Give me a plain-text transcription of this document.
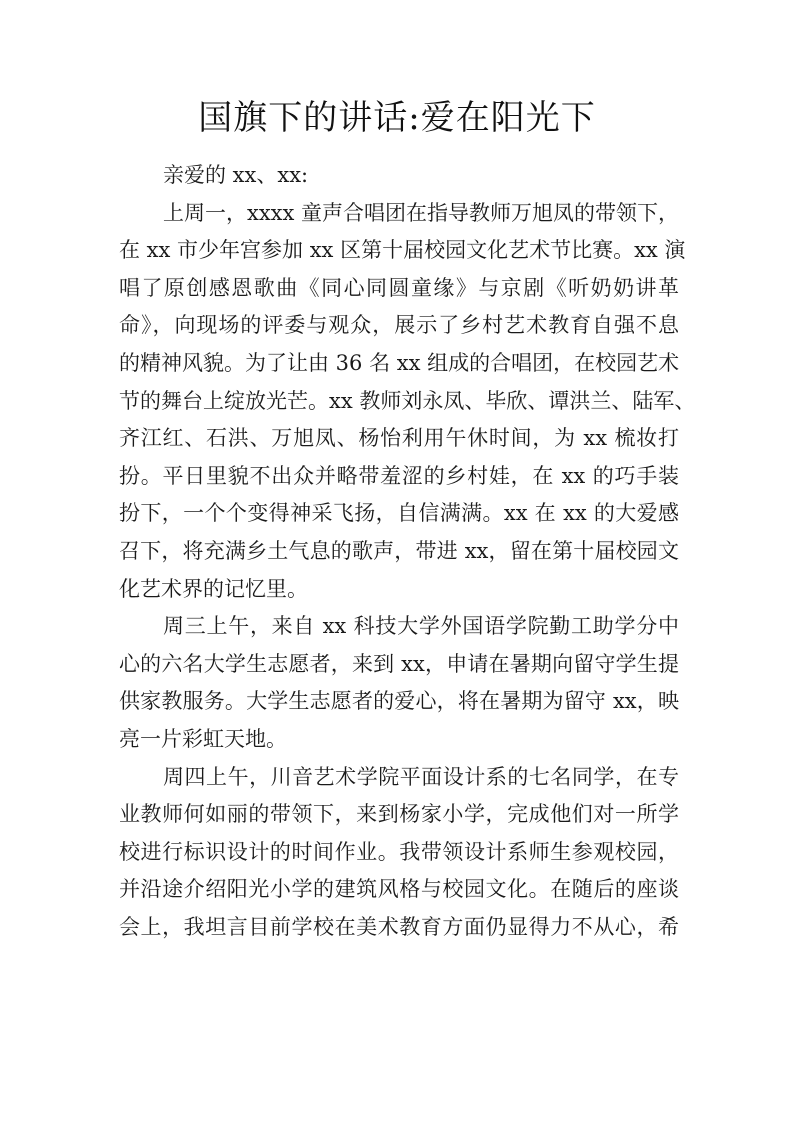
国旗下的讲话:爱在阳光下
亲爱的 xx、xx:
上周一，xxxx 童声合唱团在指导教师万旭凤的带领下，
在 xx 市少年宫参加 xx 区第十届校园文化艺术节比赛。xx 演
唱了原创感恩歌曲《同心同圆童缘》与京剧《听奶奶讲革
命》，向现场的评委与观众，展示了乡村艺术教育自强不息
的精神风貌。为了让由 36 名 xx 组成的合唱团，在校园艺术
节的舞台上绽放光芒。xx 教师刘永凤、毕欣、谭洪兰、陆军、
齐江红、石洪、万旭凤、杨怡利用午休时间，为 xx 梳妆打
扮。平日里貌不出众并略带羞涩的乡村娃，在 xx 的巧手装
扮下，一个个变得神采飞扬，自信满满。xx 在 xx 的大爱感
召下，将充满乡土气息的歌声，带进 xx，留在第十届校园文
化艺术界的记忆里。
周三上午，来自 xx 科技大学外国语学院勤工助学分中
心的六名大学生志愿者，来到 xx，申请在暑期向留守学生提
供家教服务。大学生志愿者的爱心，将在暑期为留守 xx，映
亮一片彩虹天地。
周四上午，川音艺术学院平面设计系的七名同学，在专
业教师何如丽的带领下，来到杨家小学，完成他们对一所学
校进行标识设计的时间作业。我带领设计系师生参观校园，
并沿途介绍阳光小学的建筑风格与校园文化。在随后的座谈
会上，我坦言目前学校在美术教育方面仍显得力不从心，希
